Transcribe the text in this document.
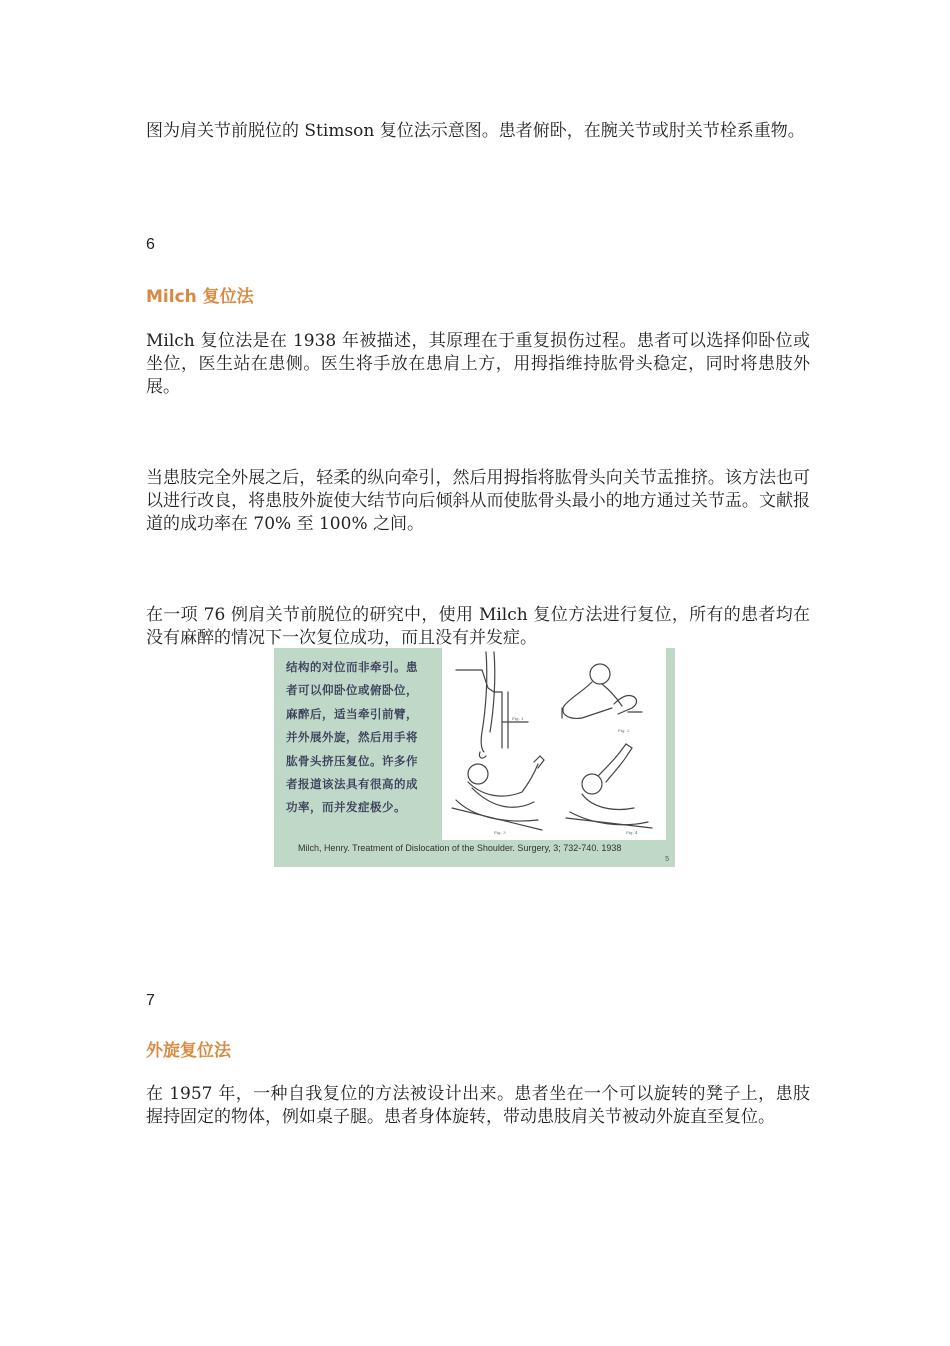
图为肩关节前脱位的 Stimson 复位法示意图。患者俯卧，在腕关节或肘关节栓系重物。

6
Milch 复位法

Milch 复位法是在 1938 年被描述，其原理在于重复损伤过程。患者可以选择仰卧位或坐位，医生站在患侧。医生将手放在患肩上方，用拇指维持肱骨头稳定，同时将患肢外展。

当患肢完全外展之后，轻柔的纵向牵引，然后用拇指将肱骨头向关节盂推挤。该方法也可以进行改良，将患肢外旋使大结节向后倾斜从而使肱骨头最小的地方通过关节盂。文献报道的成功率在 70% 至 100% 之间。

在一项 76 例肩关节前脱位的研究中，使用 Milch 复位方法进行复位，所有的患者均在没有麻醉的情况下一次复位成功，而且没有并发症。

结构的对位而非牵引。患
者可以仰卧位或俯卧位，
麻醉后，适当牵引前臂，
并外展外旋，然后用手将
肱骨头挤压复位。许多作
者报道该法具有很高的成
功率，而并发症极少。
Fig. 1
Fig. 2
Fig. 3	Fig. 4
Milch, Henry. Treatment of Dislocation of the Shoulder. Surgery, 3; 732-740. 1938
5
7
外旋复位法

在 1957 年，一种自我复位的方法被设计出来。患者坐在一个可以旋转的凳子上，患肢握持固定的物体，例如桌子腿。患者身体旋转，带动患肢肩关节被动外旋直至复位。
